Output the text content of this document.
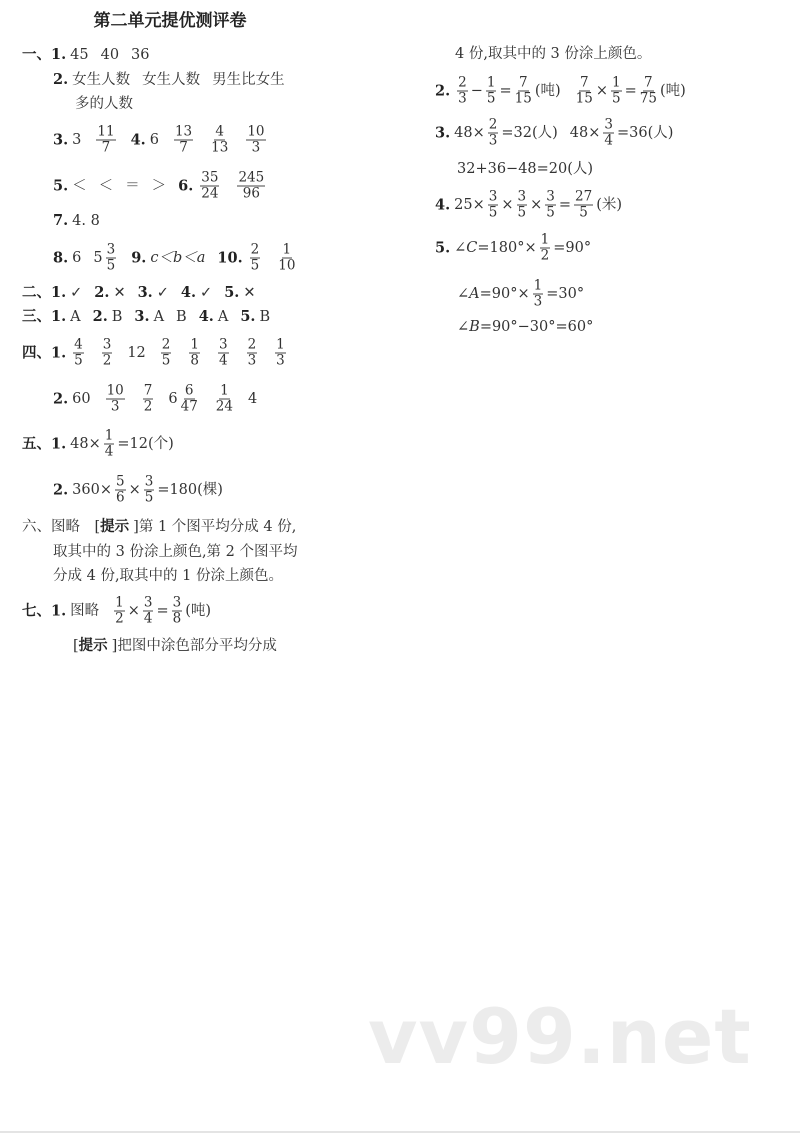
第二单元提优测评卷
一、1. 45 40 36
2. 女生人数 女生人数 男生比女生
多的人数
3. $3 \frac{11}{7} 4$. $6 \frac{13}{7} \frac{4}{13} \frac{10}{3}$
5. ＜ ＜ ＝ ＞ 6. $\frac{35}{24} \frac{245}{96}$
7. 4. 8
8. 6 $5 \frac{3}{5} 9$. c＜b＜a 10. $\frac{2}{5} \frac{1}{10}$
二、1. ✓ 2. ✕ 3. ✓ 4. ✓ 5. ✕
三、1. A 2. B 3. A B 4. A 5. B
四、1. $\frac{4}{5} \frac{3}{2} 12 \frac{2}{5} \frac{1}{8} \frac{3}{4} \frac{2}{3} \frac{1}{3}$
2. $60 \frac{10}{3} \frac{7}{2} 6 \frac{6}{47} \frac{1}{24} 4$
五、1. $48\times \frac{1}{4} =12$(个)
2. $360\times \frac{5}{6} \times \frac{3}{5} =180$(棵)
六、图略　[提示 ]第 1 个图平均分成 4 份,
取其中的 3 份涂上颜色,第 2 个图平均
分成 4 份,取其中的 1 份涂上颜色。
七、1. 图略 $\frac{1}{2} \times \frac{3}{4} = \frac{3}{8}$ (吨)
[提示 ]把图中涂色部分平均分成
4 份,取其中的 3 份涂上颜色。
2. $\frac{2}{3} - \frac{1}{5} = \frac{7}{15}$ (吨) $\frac{7}{15} \times \frac{1}{5} = \frac{7}{75}$ (吨)
3. $48\times \frac{2}{3} =32$(人) $48\times \frac{3}{4} =36$(人)
32+36−48=20(人)
4. $25\times \frac{3}{5} \times \frac{3}{5} \times \frac{3}{5} = \frac{27}{5}$ (米)
5. ∠C=180°× $\frac{1}{2} =90^\circ$
∠A=90°× $\frac{1}{3} =30^\circ$
∠B=90°−30°=60°
vv99.net
